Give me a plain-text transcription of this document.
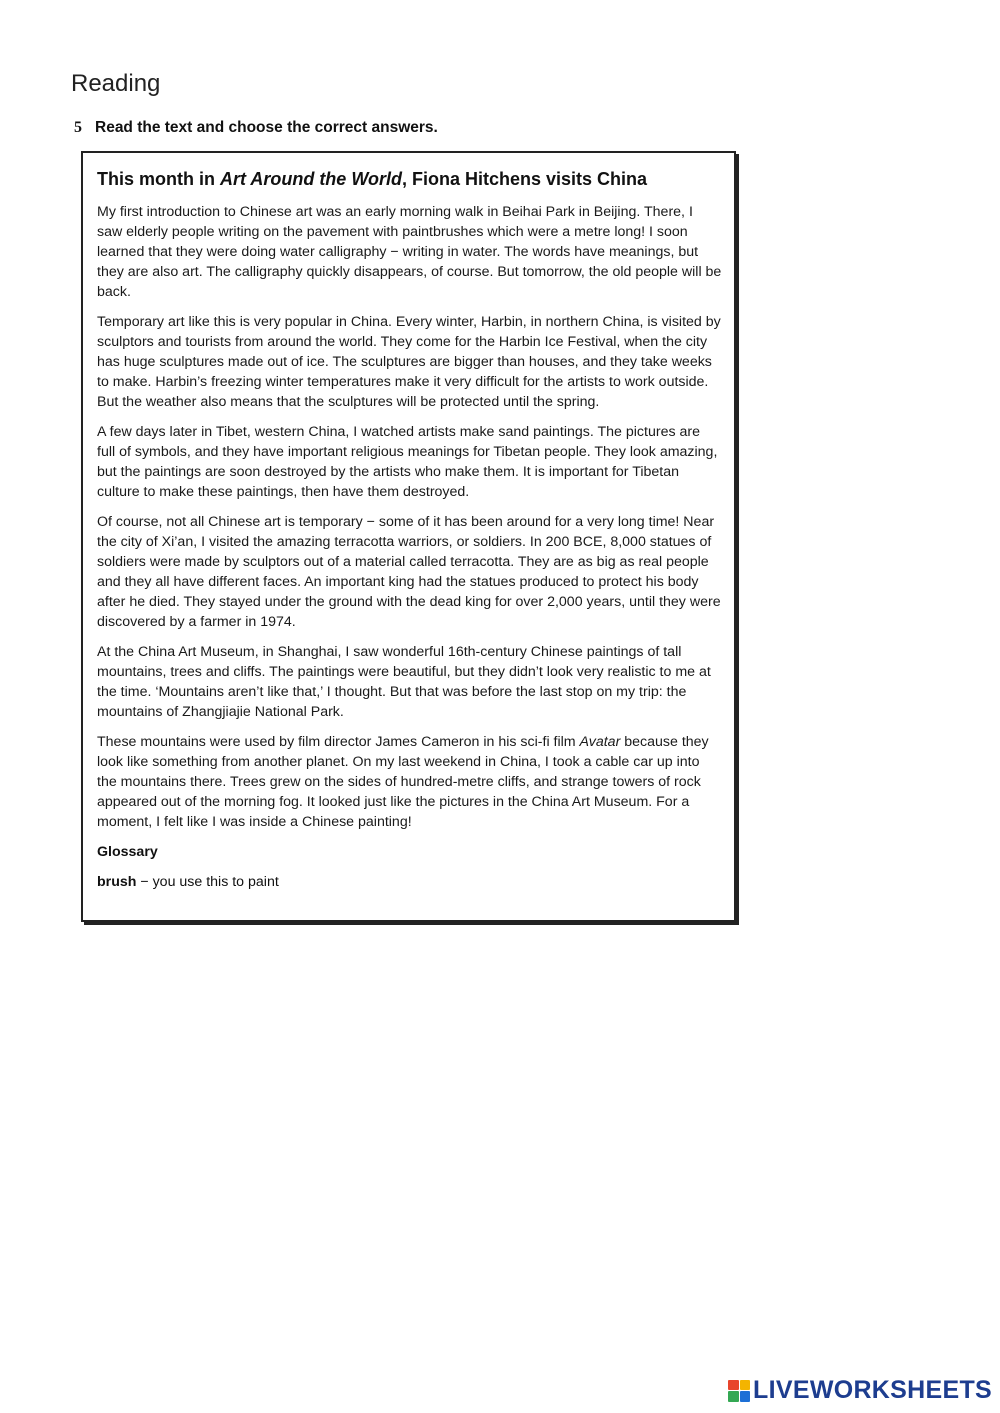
Reading
5 Read the text and choose the correct answers.
This month in Art Around the World, Fiona Hitchens visits China

My first introduction to Chinese art was an early morning walk in Beihai Park in Beijing. There, I saw elderly people writing on the pavement with paintbrushes which were a metre long! I soon learned that they were doing water calligraphy − writing in water. The words have meanings, but they are also art. The calligraphy quickly disappears, of course. But tomorrow, the old people will be back.

Temporary art like this is very popular in China. Every winter, Harbin, in northern China, is visited by sculptors and tourists from around the world. They come for the Harbin Ice Festival, when the city has huge sculptures made out of ice. The sculptures are bigger than houses, and they take weeks to make. Harbin’s freezing winter temperatures make it very difficult for the artists to work outside. But the weather also means that the sculptures will be protected until the spring.

A few days later in Tibet, western China, I watched artists make sand paintings. The pictures are full of symbols, and they have important religious meanings for Tibetan people. They look amazing, but the paintings are soon destroyed by the artists who make them. It is important for Tibetan culture to make these paintings, then have them destroyed.

Of course, not all Chinese art is temporary − some of it has been around for a very long time! Near the city of Xi’an, I visited the amazing terracotta warriors, or soldiers. In 200 BCE, 8,000 statues of soldiers were made by sculptors out of a material called terracotta. They are as big as real people and they all have different faces. An important king had the statues produced to protect his body after he died. They stayed under the ground with the dead king for over 2,000 years, until they were discovered by a farmer in 1974.

At the China Art Museum, in Shanghai, I saw wonderful 16th-century Chinese paintings of tall mountains, trees and cliffs. The paintings were beautiful, but they didn’t look very realistic to me at the time. ‘Mountains aren’t like that,’ I thought. But that was before the last stop on my trip: the mountains of Zhangjiajie National Park.

These mountains were used by film director James Cameron in his sci-fi film Avatar because they look like something from another planet. On my last weekend in China, I took a cable car up into the mountains there. Trees grew on the sides of hundred-metre cliffs, and strange towers of rock appeared out of the morning fog. It looked just like the pictures in the China Art Museum. For a moment, I felt like I was inside a Chinese painting!

Glossary

brush − you use this to paint

LIVEWORKSHEETS
